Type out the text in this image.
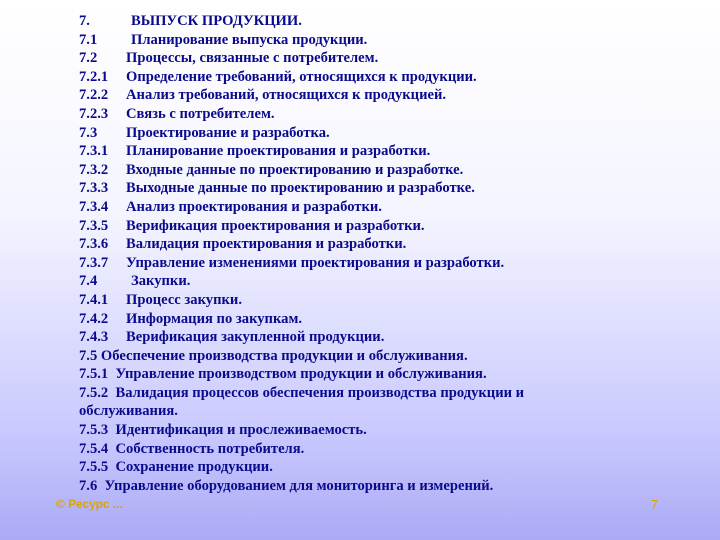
7.	ВЫПУСК ПРОДУКЦИИ.
7.1 Планирование выпуска продукции.
7.2 Процессы, связанные с потребителем.
7.2.1 Определение требований, относящихся к продукции.
7.2.2 Анализ требований, относящихся к продукцией.
7.2.3 Связь с потребителем.
7.3 Проектирование и разработка.
7.3.1 Планирование проектирования и разработки.
7.3.2 Входные данные по проектированию и разработке.
7.3.3 Выходные данные по проектированию и разработке.
7.3.4 Анализ проектирования и разработки.
7.3.5 Верификация проектирования и разработки.
7.3.6 Валидация проектирования и разработки.
7.3.7 Управление изменениями проектирования и разработки.
7.4 Закупки.
7.4.1 Процесс закупки.
7.4.2 Информация по закупкам.
7.4.3 Верификация закупленной продукции.
7.5 Обеспечение производства продукции и обслуживания.
7.5.1 Управление производством продукции и обслуживания.
7.5.2 Валидация процессов обеспечения производства продукции и
обслуживания.
7.5.3 Идентификация и прослеживаемость.
7.5.4 Собственность потребителя.
7.5.5 Сохранение продукции.
7.6 Управление оборудованием для мониторинга и измерений.
© Ресурс ...	7
